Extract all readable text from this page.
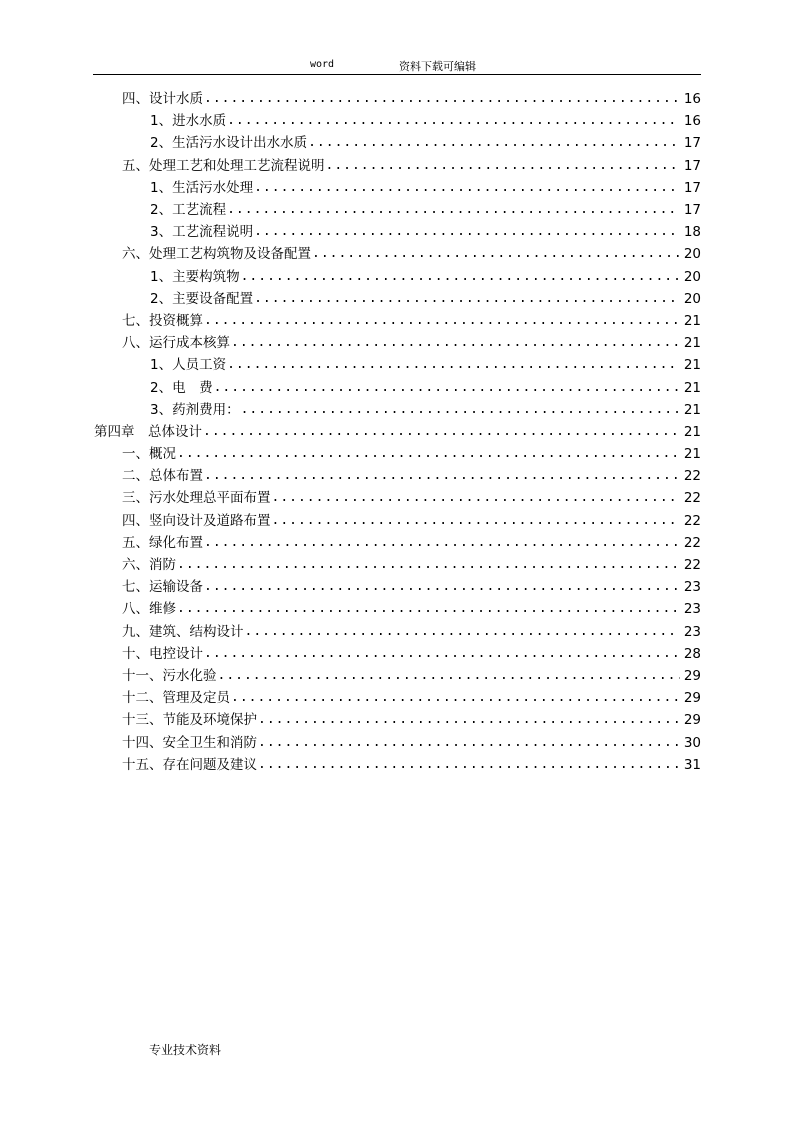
word	资料下载可编辑
四、设计水质 .....	16
1、进水水质 .....	16
2、生活污水设计出水水质 .....	17
五、处理工艺和处理工艺流程说明 .....	17
1、生活污水处理 .....	17
2、工艺流程 .....	17
3、工艺流程说明 .....	18
六、处理工艺构筑物及设备配置 .....	20
1、主要构筑物 .....	20
2、主要设备配置 .....	20
七、投资概算 .....	21
八、运行成本核算 .....	21
1、人员工资 .....	21
2、电　费 .....	21
3、药剂费用： .....	21
第四章　总体设计 .....	21
一、概况 .....	21
二、总体布置 .....	22
三、污水处理总平面布置 .....	22
四、竖向设计及道路布置 .....	22
五、绿化布置 .....	22
六、消防 .....	22
七、运输设备 .....	23
八、维修 .....	23
九、建筑、结构设计 .....	23
十、电控设计 .....	28
十一、污水化验 .....	29
十二、管理及定员 .....	29
十三、节能及环境保护 .....	29
十四、安全卫生和消防 .....	30
十五、存在问题及建议 .....	31
专业技术资料
